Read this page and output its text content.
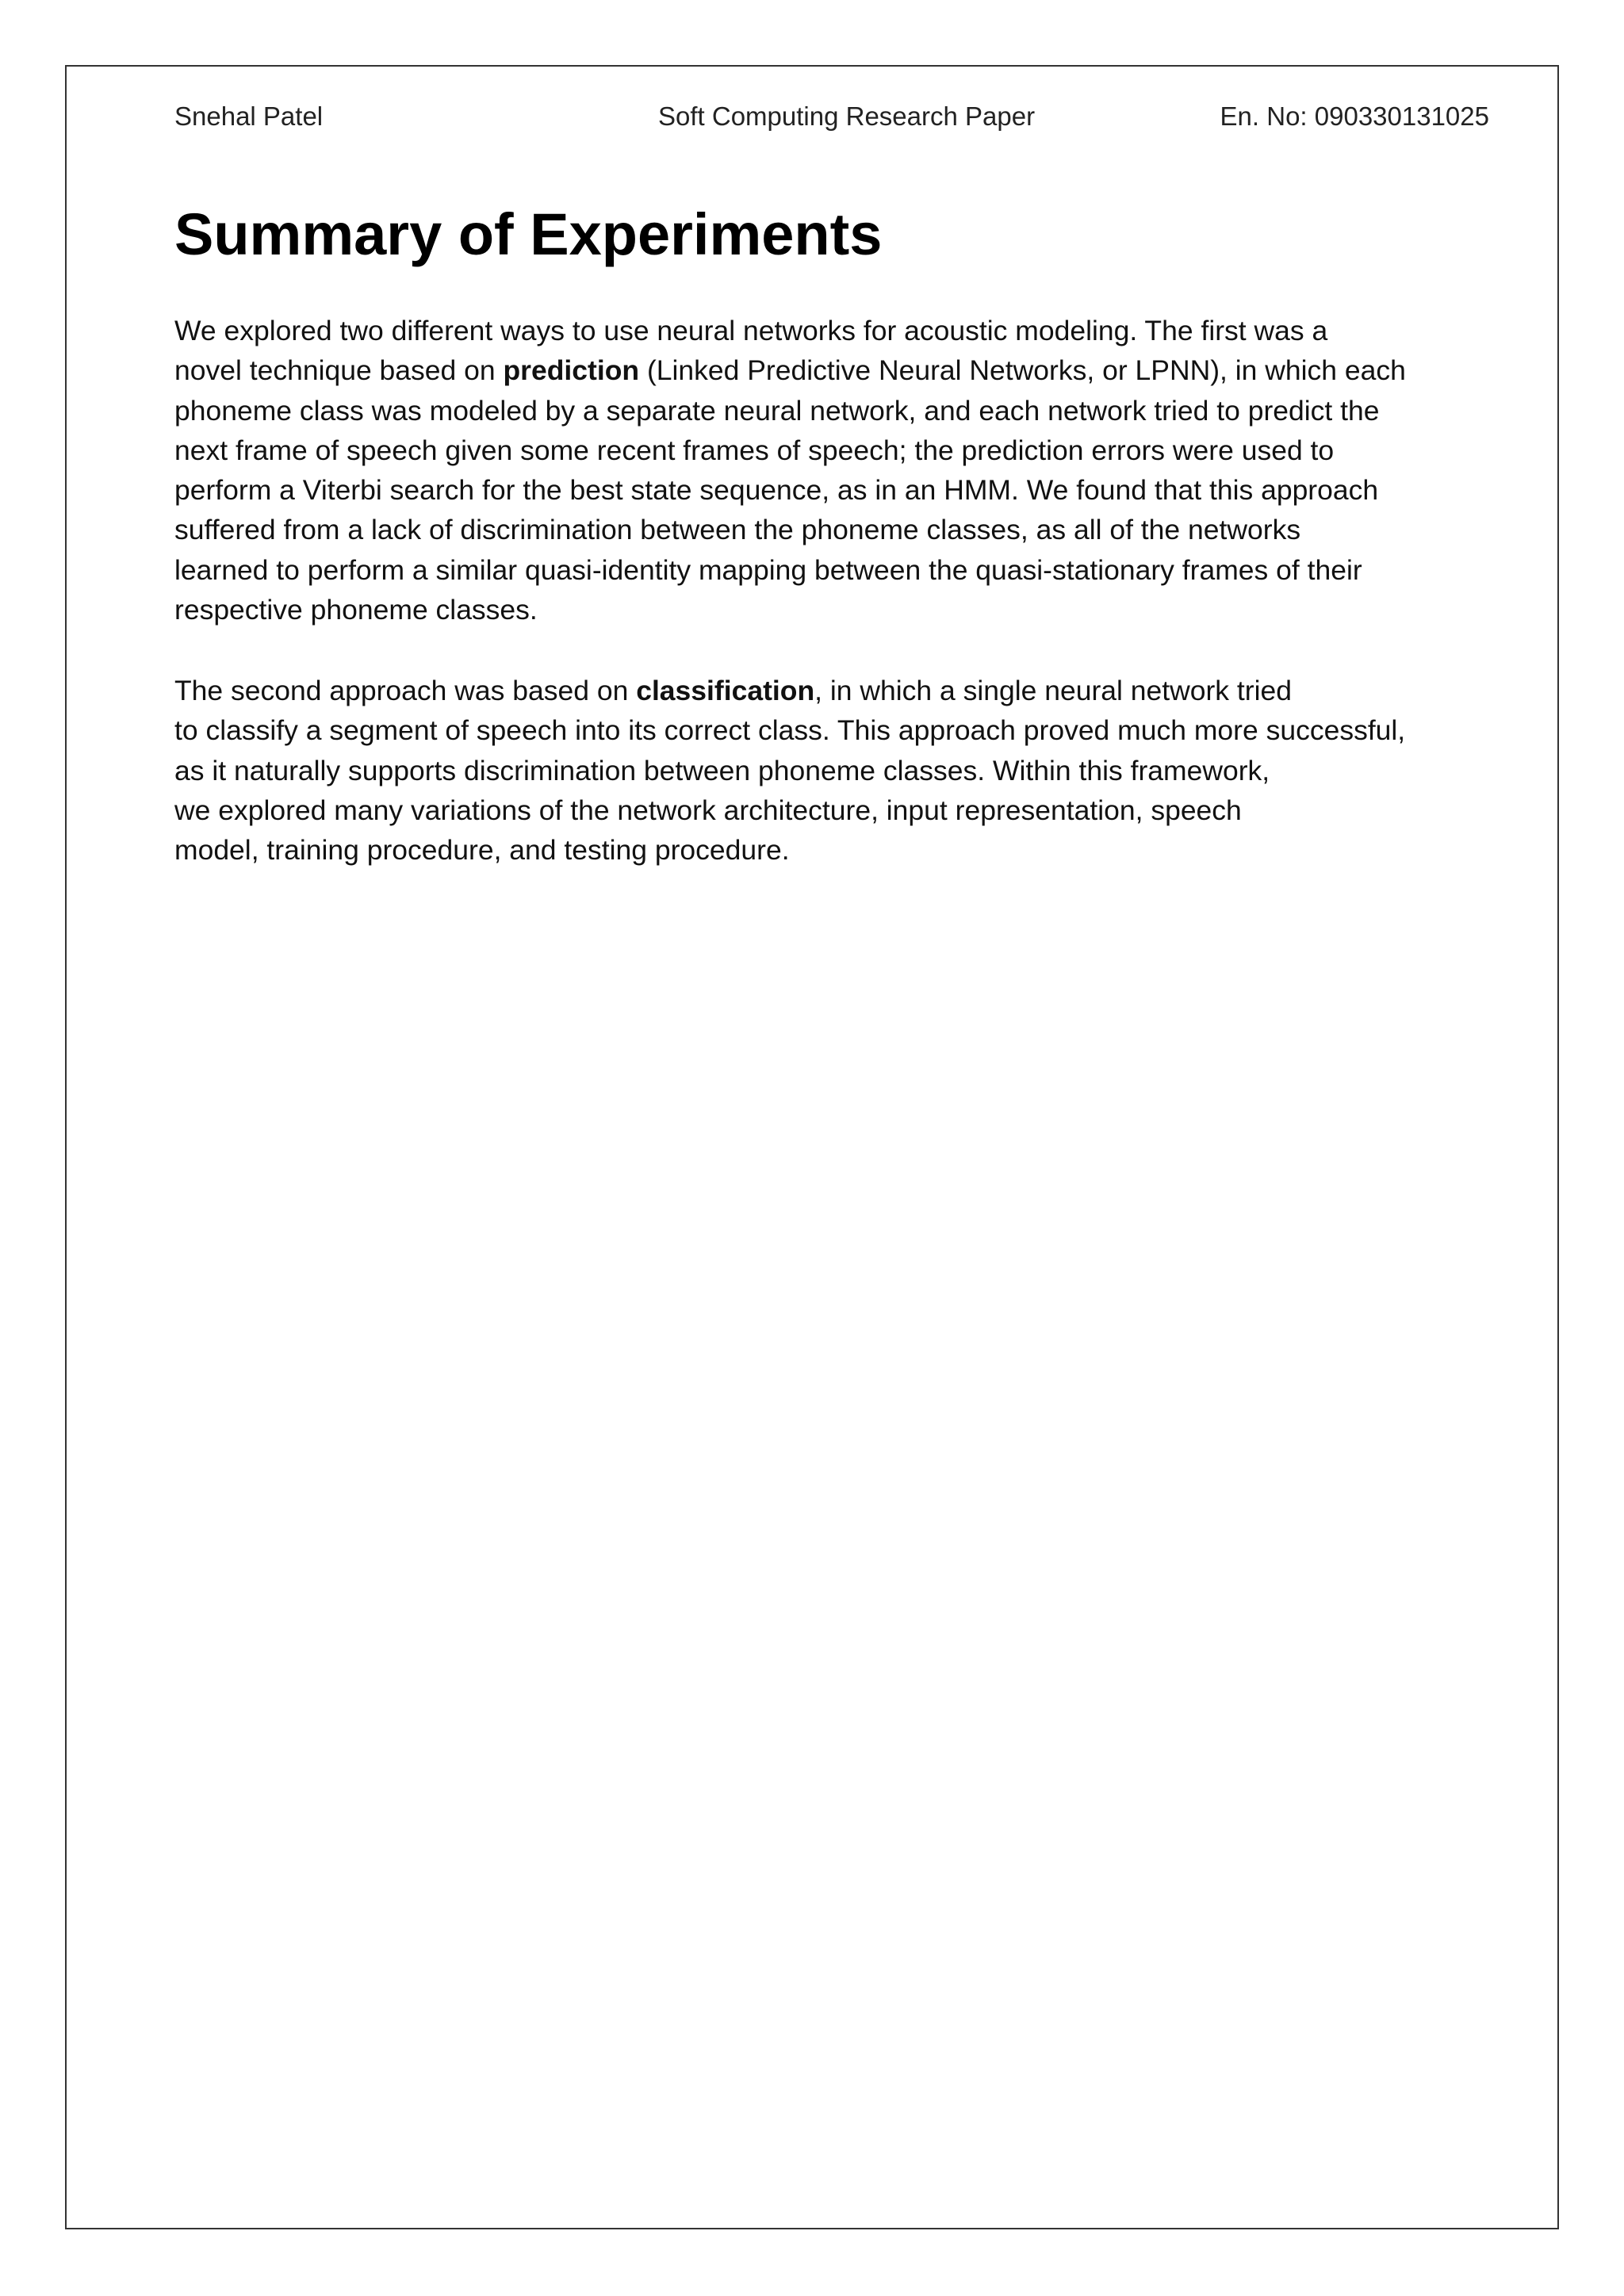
Snehal Patel	Soft Computing Research Paper	En. No: 090330131025
Summary of Experiments
We explored two different ways to use neural networks for acoustic modeling. The first was a
novel technique based on prediction (Linked Predictive Neural Networks, or LPNN), in which each
phoneme class was modeled by a separate neural network, and each network tried to predict the
next frame of speech given some recent frames of speech; the prediction errors were used to
perform a Viterbi search for the best state sequence, as in an HMM. We found that this approach
suffered from a lack of discrimination between the phoneme classes, as all of the networks
learned to perform a similar quasi-identity mapping between the quasi-stationary frames of their
respective phoneme classes.
The second approach was based on classification, in which a single neural network tried
to classify a segment of speech into its correct class. This approach proved much more successful,
as it naturally supports discrimination between phoneme classes. Within this framework,
we explored many variations of the network architecture, input representation, speech
model, training procedure, and testing procedure.
